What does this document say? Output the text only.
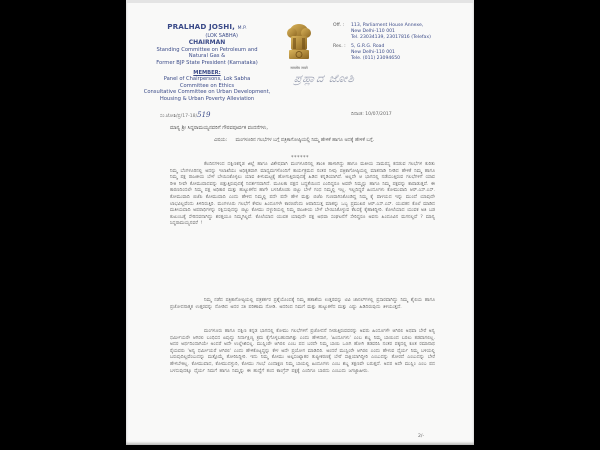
PRALHAD JOSHI, M.P.
(LOK SABHA)
CHAIRMAN
Standing Committee on Petroleum and
Natural Gas &
Former BJP State President (Karnataka)
MEMBER:
Panel of Chairpersons, Lok Sabha
Committee on Ethics
Consultative Committee on Urban Development,
Housing & Urban Poverty Alleviation
ಸಂ.ಜೋಶಿ/ಪ್ರ/17-18/519
सत्यमेव जयते
ಪ್ರಹ್ಲಾದ ಜೋಶಿ
Off. :	113, Parliament House Annexe,
New Delhi-110 001
Tel. 23034139, 23017816 (Telefax)
Res. :	5, G.R.G. Road
New Delhi-110 001
Tele. (011) 23094650
ದಿನಾಂಕ: 10/07/2017
ಮಾನ್ಯ ಶ್ರೀ ಸಿದ್ದರಾಮಯ್ಯನವರಿಗೆ ಗೌರವಪೂರ್ವಕ ವಂದನೆಗಳು,
ವಿಷಯ: ಮಂಗಳೂರಿನ ಗಲಭೆಗಳ ಬಗ್ಗೆ ಪತ್ರಿಕಾಗೋಷ್ಠಿಯಲ್ಲಿ ನಿಮ್ಮ ಹೇಳಿಕೆ ಹಾಗೂ ಅದಕ್ಕೆ ಹೇಳಿಕೆ ಬಗ್ಗೆ.
******
ಕೆಲದಿನಗಳಿಂದ ದಕ್ಷಿಣಕನ್ನಡ ಜಿಲ್ಲೆ ಹಾಗೂ ವಿಶೇಷವಾಗಿ ಮಂಗಳೂರಿನಲ್ಲಿ ಶಾಂತಿ ಹಾಳಾಗಿದ್ದು ಹಾಗೂ ಮತೀಯ ಸಾಮರಸ್ಯ ಕದಡುವ ಗಲಭೆಗಳ ಕುರಿತು ನಿಮ್ಮ ಬೆಂಗಳೂರಿನಲ್ಲಿ ಅದನ್ನು ಇಲಾಖೆಯು ಅಧಿಕೃತವಾಗಿ ಮಾಧ್ಯಮಗಳೊಂದಿಗೆ ಕಾರ್ಯಕ್ರಮದ ನಂತರ ನೀವು ಪತ್ರಿಕಾಗೋಷ್ಠಿಯಲ್ಲಿ ಮಾತನಾಡಿ ನೀಡಿದ ಹೇಳಿಕೆ ನಿಮ್ಮ ಹಾಗೂ ನಿಮ್ಮ ಪಕ್ಷ ರಾಜಕೀಯ ಬೇಳೆ ಬೇಯಿಸಿಕೊಳ್ಳಲು ಯಾವ ಕೀಳುಮಟ್ಟಕ್ಕೆ ಹೋಗುತ್ತಿರುವುದಕ್ಕೆ ಹಿಡಿದ ಕನ್ನಡಿಯಾಗಿದೆ. ಅಲ್ಲದೇ ಆ ಭಾಗದಲ್ಲಿ ನಡೆಯುತ್ತಿರುವ ಗಲಭೆಗಳಿಗೆ ಯಾವ ರೀತಿ ನೀವೇ ಕೋಮುವಾದವನ್ನು ಬಿತ್ತುತ್ತಿರುವುದಕ್ಕೆ ನಿದರ್ಶನವಾಗಿದೆ. ಮೂಲತಃ ಪಕ್ಷದ ಬದ್ಧತೆಯಿಂದ ಎಂದಿದ್ದರೂ ಅವರೇ ನಿಮ್ಮನ್ನು ಹಾಗೂ ನಿಮ್ಮ ಪಕ್ಷವನ್ನು ಕಾಪಾಡುತ್ತದೆ. ಈ ಕಾರಣದಿಂದಲೇ ನಿಮ್ಮ ಪಕ್ಷ ಅಧಿಕಾರ ಮತ್ತು ಹುಟ್ಟುಕಳೆದ ಹಾಗೇ ಬಳಸಿಕೊಂಡು ಬಿಟ್ಟು ಬೇಳೆ ಗಂಧ ನಿಮ್ಮಲ್ಲಿ ಇಲ್ಲ. ಇಲ್ಲದಿದ್ದರೆ ಹಿಂದೂಗಳು ಕೋಮುವಾದಿ ಆರ್.ಎಸ್.ಎಸ್. ಕೋಮುವಾದಿ ಬಿಜೆಪಿ ಕೋಮುವಾದಿ ಎಂದು ಹೇಳಿದ ನಿಮ್ಮಲ್ಲಿ ಪದೇ ಪದೇ ಹೇಳ ಮತ್ತು ಬಿಜೆಪಿ ಗುಣವಾಗಿಸಿಕೊಂಡಿದ್ದ ನಿಮ್ಮ ಕೈ ಪಾಳಯದ ಇನ್ನು ಮುಂದೆ ಯಾವುದೇ ಲಾಭವಿಲ್ಲವೆಂದು ತಿಳಿದಿರುತ್ತಿರಿ. ಮಂಗಳೂರು ಗಲಭೆಗೆ ಕೇವಲ ಹಿಂದೂಗಳೇ ಕಾರಣರೆಂದು ಆಪಾದಿಸುತ್ತ ಮಾತನ್ನು ಒಬ್ಬ ಪ್ರಮುಖರ ಆರ್.ಎಸ್.ಎಸ್. ಯುವಕನ ಕೊಲೆ ಮಾಡಿದ ಮತೀಯವಾದಿ ಅಪರಾಧಿಗಳನ್ನು ರಕ್ಷಿಸುವುದನ್ನು ಬಿಟ್ಟು ಕೋಮು ದಳ್ಳುರಿಯಲ್ಲಿ ನಿಮ್ಮ ರಾಜಕೀಯ ಬೇಳೆ ಬೇಯಿಸಿಕೊಳ್ಳುವ ಕೆಲಸಕ್ಕೆ ಕೈಹಾಕಿದ್ದೀರಿ. ಕೋಲೆಯಾದ ಯುವಕ ಅತಿ ಬಡ ಕುಟುಂಬಕ್ಕೆ ಸೇರಿದವನಾಗಿದ್ದು ಶರತ್ತಯೂ ನಿಮ್ಮಗಿಲ್ಲವೆ. ಕೊಲೆಯಾದ ಯುವಕ ಯಾವುದೇ ಪಕ್ಷ ಅಥವಾ ಸಂಘಟನೆಗೆ ಸೇರಿದ್ದರೂ ಅವನು ಹಿಂದೂವಿನ ಮಗನಲ್ಲವೆ ? ಮಾನ್ಯ ಸಿದ್ದರಾಮಯ್ಯನವರೆ !
ನಿಮ್ಮ ನಡೆದ ಪತ್ರಿಕಾಗೋಷ್ಠಿಯಲ್ಲಿ ಪತ್ರಕರ್ತರ ಪ್ರಶ್ನೆಯೊಂದಕ್ಕೆ ನಿಮ್ಮ ಹತಾಶೆಯ ಉತ್ತರವನ್ನು ಟಿವಿ ಚಾನಲ್‌ಗಳಲ್ಲಿ ಪ್ರಸಾರವಾಗಿದ್ದು ನಿಮ್ಮ ಶೈಲಿಯ ಹಾಗೂ ಪ್ರಚೋದನಾತ್ಮಕ ಉತ್ತರವನ್ನು ನೋಡಿದ ಅದರ ಸತಿ ಪರಿಣಾಮ ನೋಡಿ. ಅದರಿಂದ ನಿಮಗೆ ಮತ್ತು ಹುಟ್ಟುಕಳೆದ ಮತ್ತು ಎಷ್ಟು ಹಿಡಿದಿರುವುದು ತಿಳಿಯುತ್ತದೆ.
ಮಂಗಳೂರು ಹಾಗೂ ದಕ್ಷಿಣ ಕನ್ನಡ ಭಾಗದಲ್ಲಿ ಕೋಮು ಗಲಭೆಗಳಿಗೆ ಪ್ರಚೋದನೆ ನೀಡುತ್ತಿರುವವರನ್ನು ಅವರು ಹಿಂದೂಗಳೇ ಆಗಿರಲಿ ಅಥವಾ ಬೇರೆ ಅನ್ಯ ಧರ್ಮೀಯರೇ ಆಗಿರಲಿ ಬಂಧಿಸದ ಏವುದ್ದು ನಿರ್ದಾಕ್ಷಿಣ್ಯ ಕ್ರಮ ಕೈಗೊಳ್ಳಬಹುದಾಗಿತ್ತು ಎಂದು ಹೇಳಿದಾಗ, 'ಹಿಂದೂಗಳು' ಎಂಬ ಶಬ್ದ ನಿಮ್ಮ ಬಾಯಿಂದ ಬರಲು ತಡವಾಗಲಿಲ್ಲ. ಅದರ ಅರ್ಥದಿಂದಾಗಿಯೇ ಅಂದರೆ ಅದೇ ಉಲ್ಲೇಖಿಸಲ್ಲ. ಮುಸ್ಲಿಂರೇ ಆಗಿರಲಿ ಎಂಬ ಪದ ಬರದೇ ನಿಮ್ಮ ಬಾಯಿ ಒಣಗಿ ಹೋಗಿ ತಡವರಿಸಿ ನಂತರ ಪಕ್ಕದಲ್ಲಿ ಕೂತ ರಮಾನಾಥ ರೈಯವರು 'ಅನ್ಯ ಧರ್ಮೀಯರೆ ಆಗಿರಲಿ' ಎಂದು ಹೇಳಿಕೊಟ್ಟದ್ದನ್ನು ಕೇಳ ಅದೇ ಪ್ರಯೋಗ ಮಾಡಿದಿರಿ. ಅಂದರೆ ಮುಸ್ಲಿಂರೇ ಆಗಿರಲಿ ಎಂದು ಹೇಳುವ ಧೈರ್ಯ ನಿಮ್ಮ ಬಳಿಯಲ್ಲಿ ಬರುವುದಿಲ್ಲವೆಂಬುದನ್ನು ಮತ್ತೊಮ್ಮೆ ತೋರಿಸಿದ್ದೀರಿ. ಇದು ನಿಮ್ಮ ಕೋಮು ಅಲ್ಪಸಂಖ್ಯಾತರ ತುಷ್ಟೀಕರಣಕ್ಕೆ ಬೇರೆ ಸಾಕ್ಷಿಯಾಗಿದ್ದೀರಿ ಎಂಬುದನ್ನು ತೋರದೆ ಎಂಬುದನ್ನು ಬೇರೆ ಹೇಳಬೇಕಿಲ್ಲ. ಕೋಮುವಾದ, ಕೋಮುದಳ್ಳುರಿ, ಕೋಮು ಗಲಭೆ ಎಂದಾಕ್ಷಣ ನಿಮ್ಮ ಬಾಯಲ್ಲಿ ಹಿಂದೂಗಳು ಎಂಬ ಶಬ್ದ ತಕ್ಷಣವೇ ಬರುತ್ತದೆ. ಅದರ ಅದೇ ಮುಸ್ಲಿಂ ಎಂಬ ಪದ ಬಳಸುವುದಕ್ಕೂ ಧೈರ್ಯ ನಿಮಗೆ ಹಾಗೂ ನಿಮ್ಮನ್ನು ಈ ಹುದ್ದೆಗೆ ತಂದ ಕಾಂಗ್ರೆಸ್ ಪಕ್ಷಕ್ಕೆ ಎಂದಿಗೂ ಬಾರದು ಎಂಬುದು ಜಗಜ್ಜಾಹೀರು.
2/-
